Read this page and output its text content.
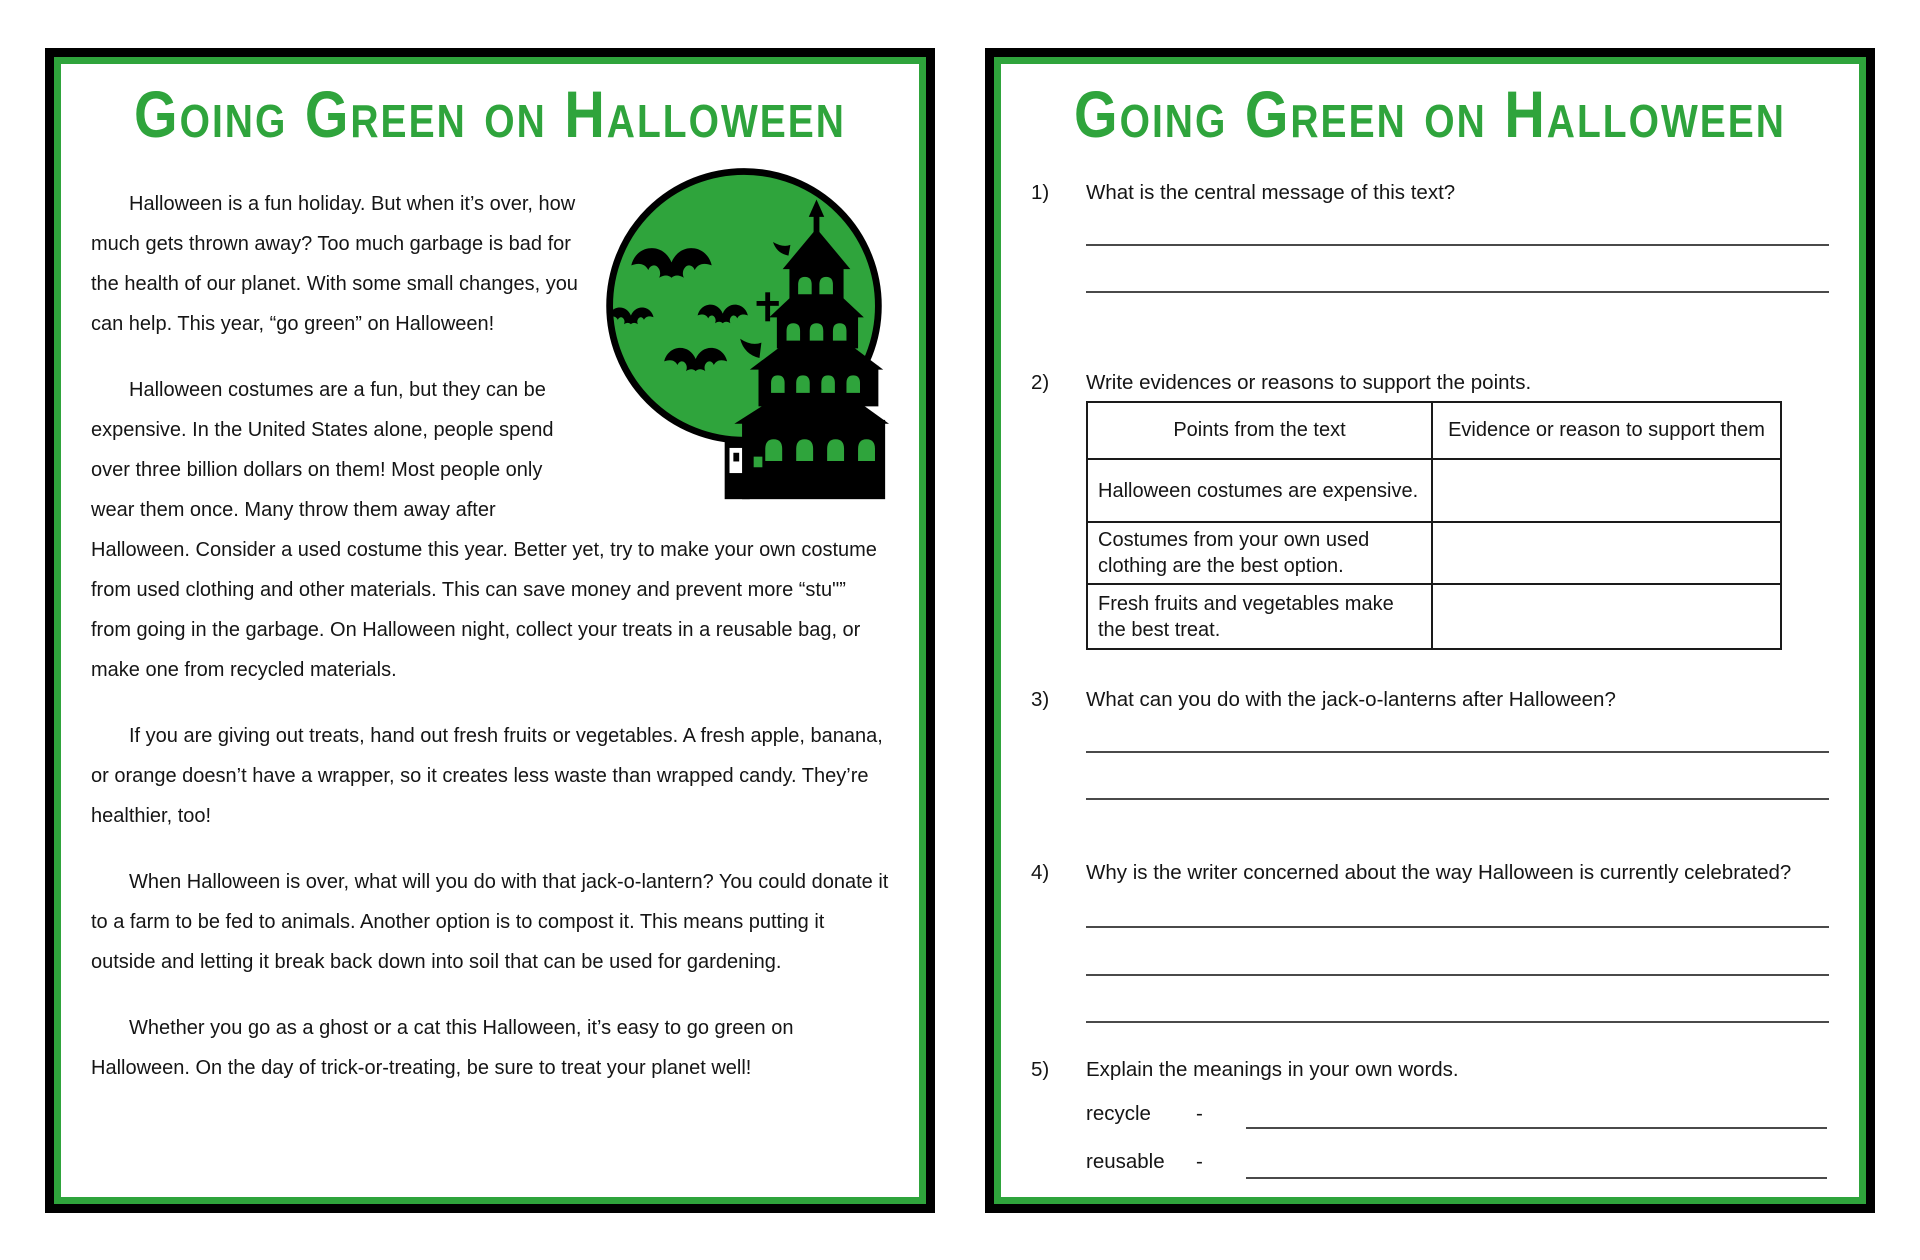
Going Green on Halloween

Halloween is a fun holiday. But when it’s over, how much gets thrown away? Too much garbage is bad for the health of our planet. With some small changes, you can help. This year, “go green” on Halloween!

Halloween costumes are a fun, but they can be expensive. In the United States alone, people spend over three billion dollars on them! Most people only wear them once. Many throw them away after Halloween. Consider a used costume this year. Better yet, try to make your own costume from used clothing and other materials. This can save money and prevent more “stu"” from going in the garbage. On Halloween night, collect your treats in a reusable bag, or make one from recycled materials.

If you are giving out treats, hand out fresh fruits or vegetables. A fresh apple, banana, or orange doesn’t have a wrapper, so it creates less waste than wrapped candy. They’re healthier, too!

When Halloween is over, what will you do with that jack-o-lantern? You could donate it to a farm to be fed to animals. Another option is to compost it. This means putting it outside and letting it break back down into soil that can be used for gardening.

Whether you go as a ghost or a cat this Halloween, it’s easy to go green on Halloween. On the day of trick-or-treating, be sure to treat your planet well!

Going Green on Halloween
1)	What is the central message of this text?
2)	Write evidences or reasons to support the points.
Points from the text	Evidence or reason to support them
Halloween costumes are expensive.	
Costumes from your own used clothing are the best option.	
Fresh fruits and vegetables make the best treat.	
3)	What can you do with the jack-o-lanterns after Halloween?
4)	Why is the writer concerned about the way Halloween is currently celebrated?
5)	Explain the meanings in your own words.
recycle -
reusable -
